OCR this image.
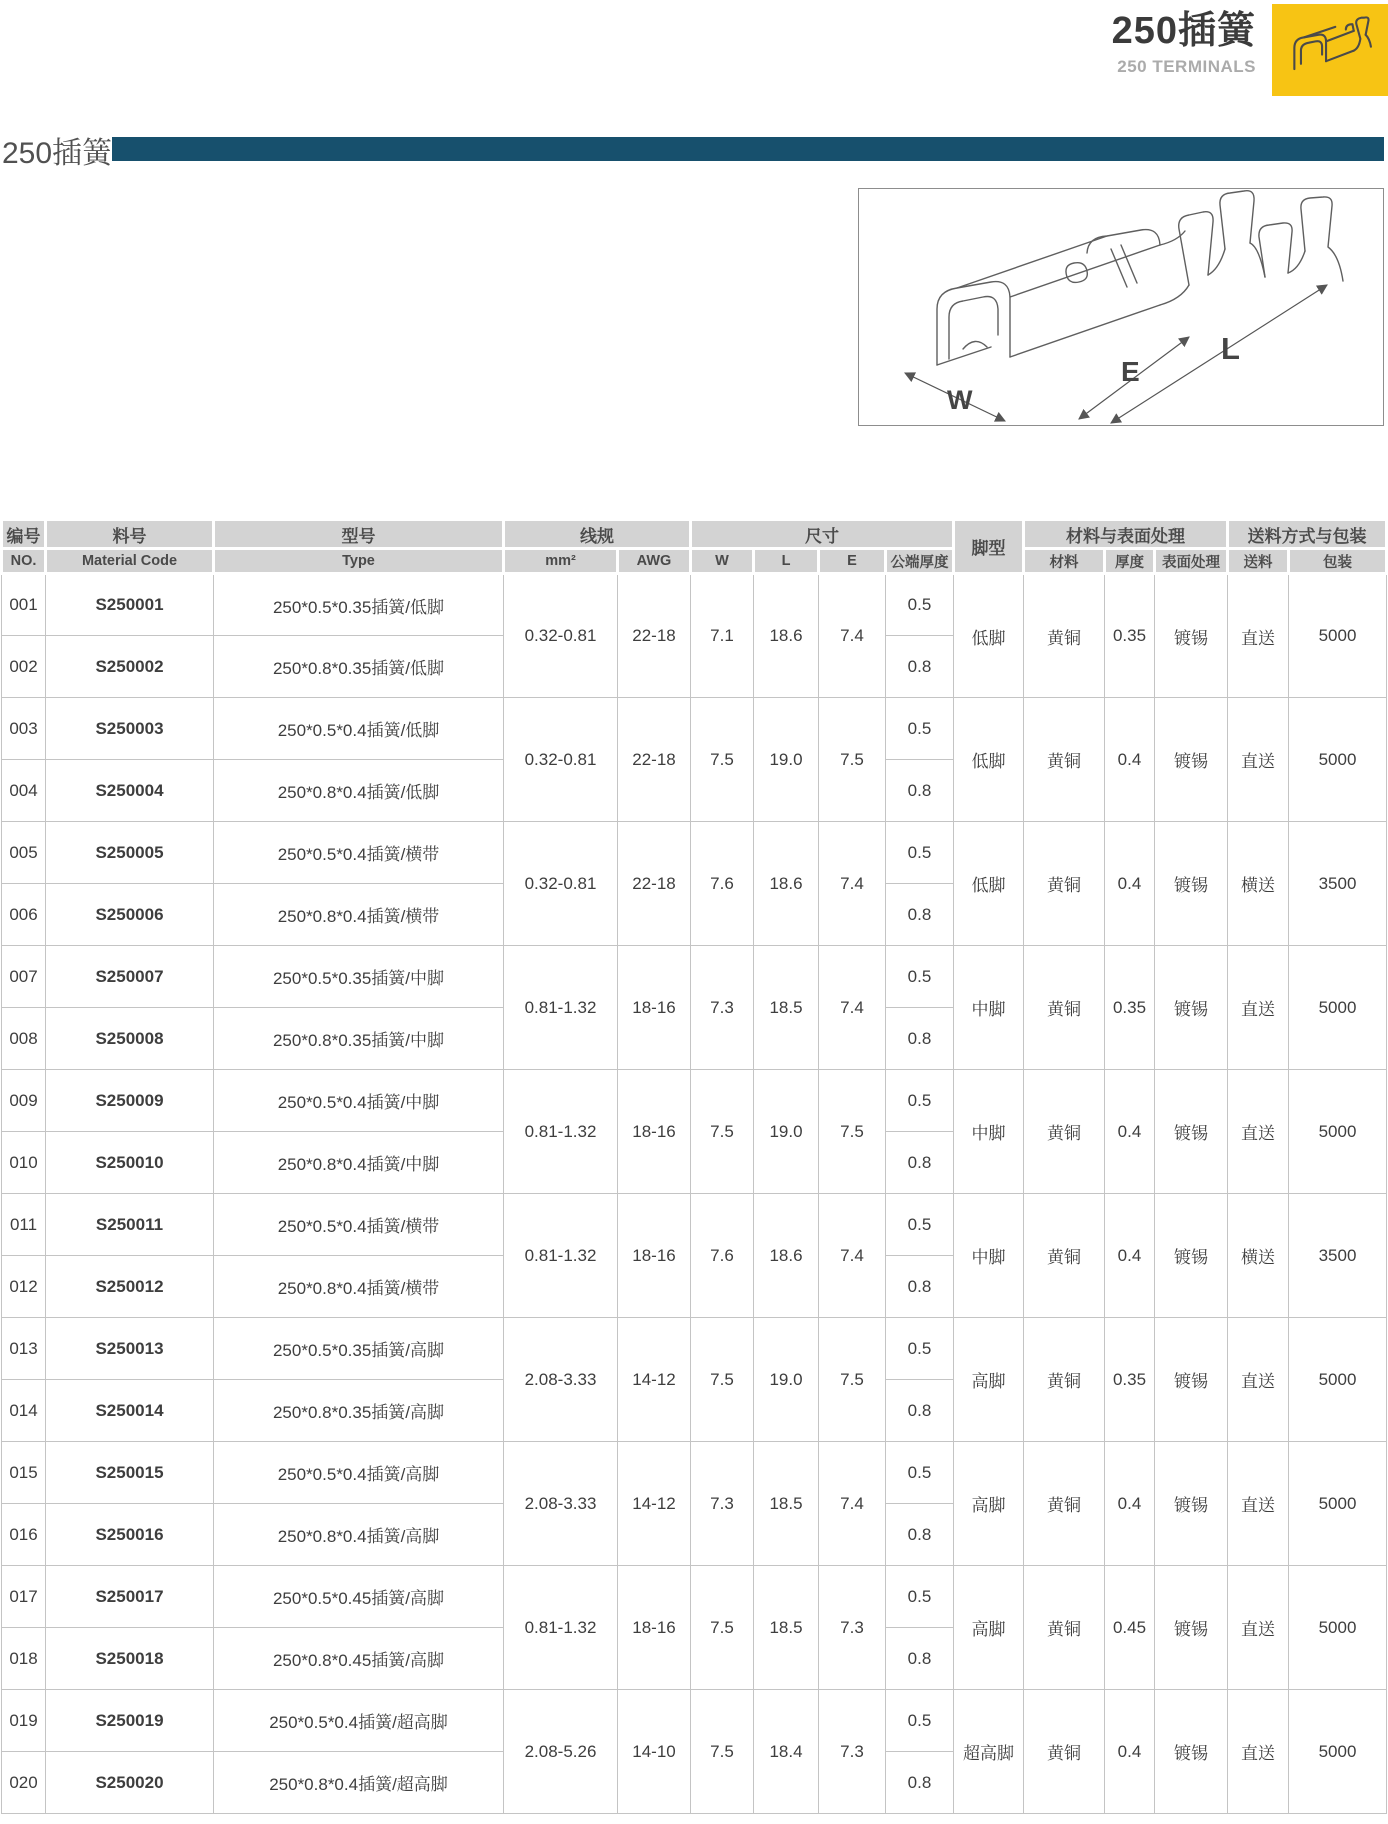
250插簧
250 TERMINALS
250插簧
W
E
L
编号	料号	型号	线规		尺寸				脚型	材料与表面处理			送料方式与包装	
NO.	Material Code	Type	mm²	AWG	W	L	E	公端厚度		材料	厚度	表面处理	送料	包装
001	S250001	250*0.5*0.35插簧/低脚	0.32-0.81	22-18	7.1	18.6	7.4	0.5	低脚	黄铜	0.35	镀锡	直送	5000
002	S250002	250*0.8*0.35插簧/低脚						0.8						
003	S250003	250*0.5*0.4插簧/低脚	0.32-0.81	22-18	7.5	19.0	7.5	0.5	低脚	黄铜	0.4	镀锡	直送	5000
004	S250004	250*0.8*0.4插簧/低脚						0.8						
005	S250005	250*0.5*0.4插簧/横带	0.32-0.81	22-18	7.6	18.6	7.4	0.5	低脚	黄铜	0.4	镀锡	横送	3500
006	S250006	250*0.8*0.4插簧/横带						0.8						
007	S250007	250*0.5*0.35插簧/中脚	0.81-1.32	18-16	7.3	18.5	7.4	0.5	中脚	黄铜	0.35	镀锡	直送	5000
008	S250008	250*0.8*0.35插簧/中脚						0.8						
009	S250009	250*0.5*0.4插簧/中脚	0.81-1.32	18-16	7.5	19.0	7.5	0.5	中脚	黄铜	0.4	镀锡	直送	5000
010	S250010	250*0.8*0.4插簧/中脚						0.8						
011	S250011	250*0.5*0.4插簧/横带	0.81-1.32	18-16	7.6	18.6	7.4	0.5	中脚	黄铜	0.4	镀锡	横送	3500
012	S250012	250*0.8*0.4插簧/横带						0.8						
013	S250013	250*0.5*0.35插簧/高脚	2.08-3.33	14-12	7.5	19.0	7.5	0.5	高脚	黄铜	0.35	镀锡	直送	5000
014	S250014	250*0.8*0.35插簧/高脚						0.8						
015	S250015	250*0.5*0.4插簧/高脚	2.08-3.33	14-12	7.3	18.5	7.4	0.5	高脚	黄铜	0.4	镀锡	直送	5000
016	S250016	250*0.8*0.4插簧/高脚						0.8						
017	S250017	250*0.5*0.45插簧/高脚	0.81-1.32	18-16	7.5	18.5	7.3	0.5	高脚	黄铜	0.45	镀锡	直送	5000
018	S250018	250*0.8*0.45插簧/高脚						0.8						
019	S250019	250*0.5*0.4插簧/超高脚	2.08-5.26	14-10	7.5	18.4	7.3	0.5	超高脚	黄铜	0.4	镀锡	直送	5000
020	S250020	250*0.8*0.4插簧/超高脚						0.8						
